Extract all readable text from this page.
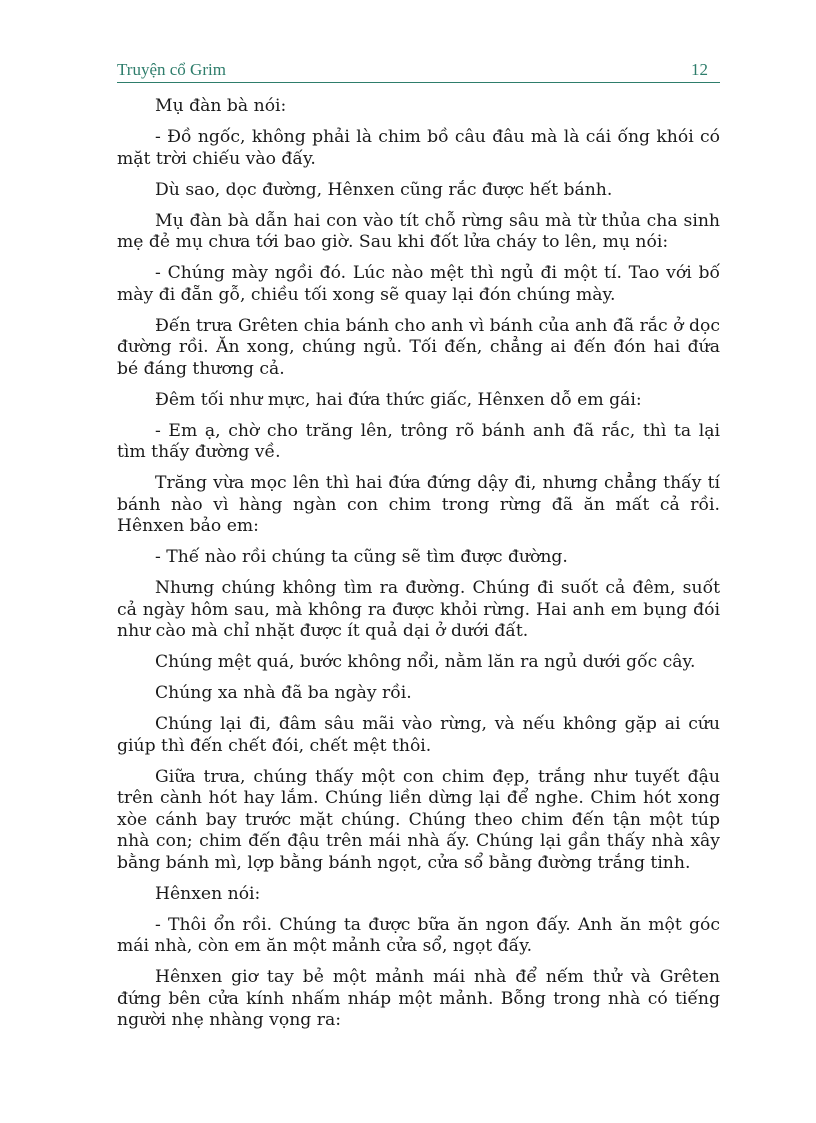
Truyện cổ Grim	12

Mụ đàn bà nói:

- Đồ ngốc, không phải là chim bồ câu đâu mà là cái ống khói có mặt trời chiếu vào đấy.

Dù sao, dọc đường, Hênxen cũng rắc được hết bánh.

Mụ đàn bà dẫn hai con vào tít chỗ rừng sâu mà từ thủa cha sinh mẹ đẻ mụ chưa tới bao giờ. Sau khi đốt lửa cháy to lên, mụ nói:

- Chúng mày ngồi đó. Lúc nào mệt thì ngủ đi một tí. Tao với bố mày đi đẵn gỗ, chiều tối xong sẽ quay lại đón chúng mày.

Đến trưa Grêten chia bánh cho anh vì bánh của anh đã rắc ở dọc đường rồi. Ăn xong, chúng ngủ. Tối đến, chẳng ai đến đón hai đứa bé đáng thương cả.

Đêm tối như mực, hai đứa thức giấc, Hênxen dỗ em gái:

- Em ạ, chờ cho trăng lên, trông rõ bánh anh đã rắc, thì ta lại tìm thấy đường về.

Trăng vừa mọc lên thì hai đứa đứng dậy đi, nhưng chẳng thấy tí bánh nào vì hàng ngàn con chim trong rừng đã ăn mất cả rồi. Hênxen bảo em:

- Thế nào rồi chúng ta cũng sẽ tìm được đường.

Nhưng chúng không tìm ra đường. Chúng đi suốt cả đêm, suốt cả ngày hôm sau, mà không ra được khỏi rừng. Hai anh em bụng đói như cào mà chỉ nhặt được ít quả dại ở dưới đất.

Chúng mệt quá, bước không nổi, nằm lăn ra ngủ dưới gốc cây.

Chúng xa nhà đã ba ngày rồi.

Chúng lại đi, đâm sâu mãi vào rừng, và nếu không gặp ai cứu giúp thì đến chết đói, chết mệt thôi.

Giữa trưa, chúng thấy một con chim đẹp, trắng như tuyết đậu trên cành hót hay lắm. Chúng liền dừng lại để nghe. Chim hót xong xòe cánh bay trước mặt chúng. Chúng theo chim đến tận một túp nhà con; chim đến đậu trên mái nhà ấy. Chúng lại gần thấy nhà xây bằng bánh mì, lợp bằng bánh ngọt, cửa sổ bằng đường trắng tinh.

Hênxen nói:

- Thôi ổn rồi. Chúng ta được bữa ăn ngon đấy. Anh ăn một góc mái nhà, còn em ăn một mảnh cửa sổ, ngọt đấy.

Hênxen giơ tay bẻ một mảnh mái nhà để nếm thử và Grêten đứng bên cửa kính nhấm nháp một mảnh. Bỗng trong nhà có tiếng người nhẹ nhàng vọng ra:
